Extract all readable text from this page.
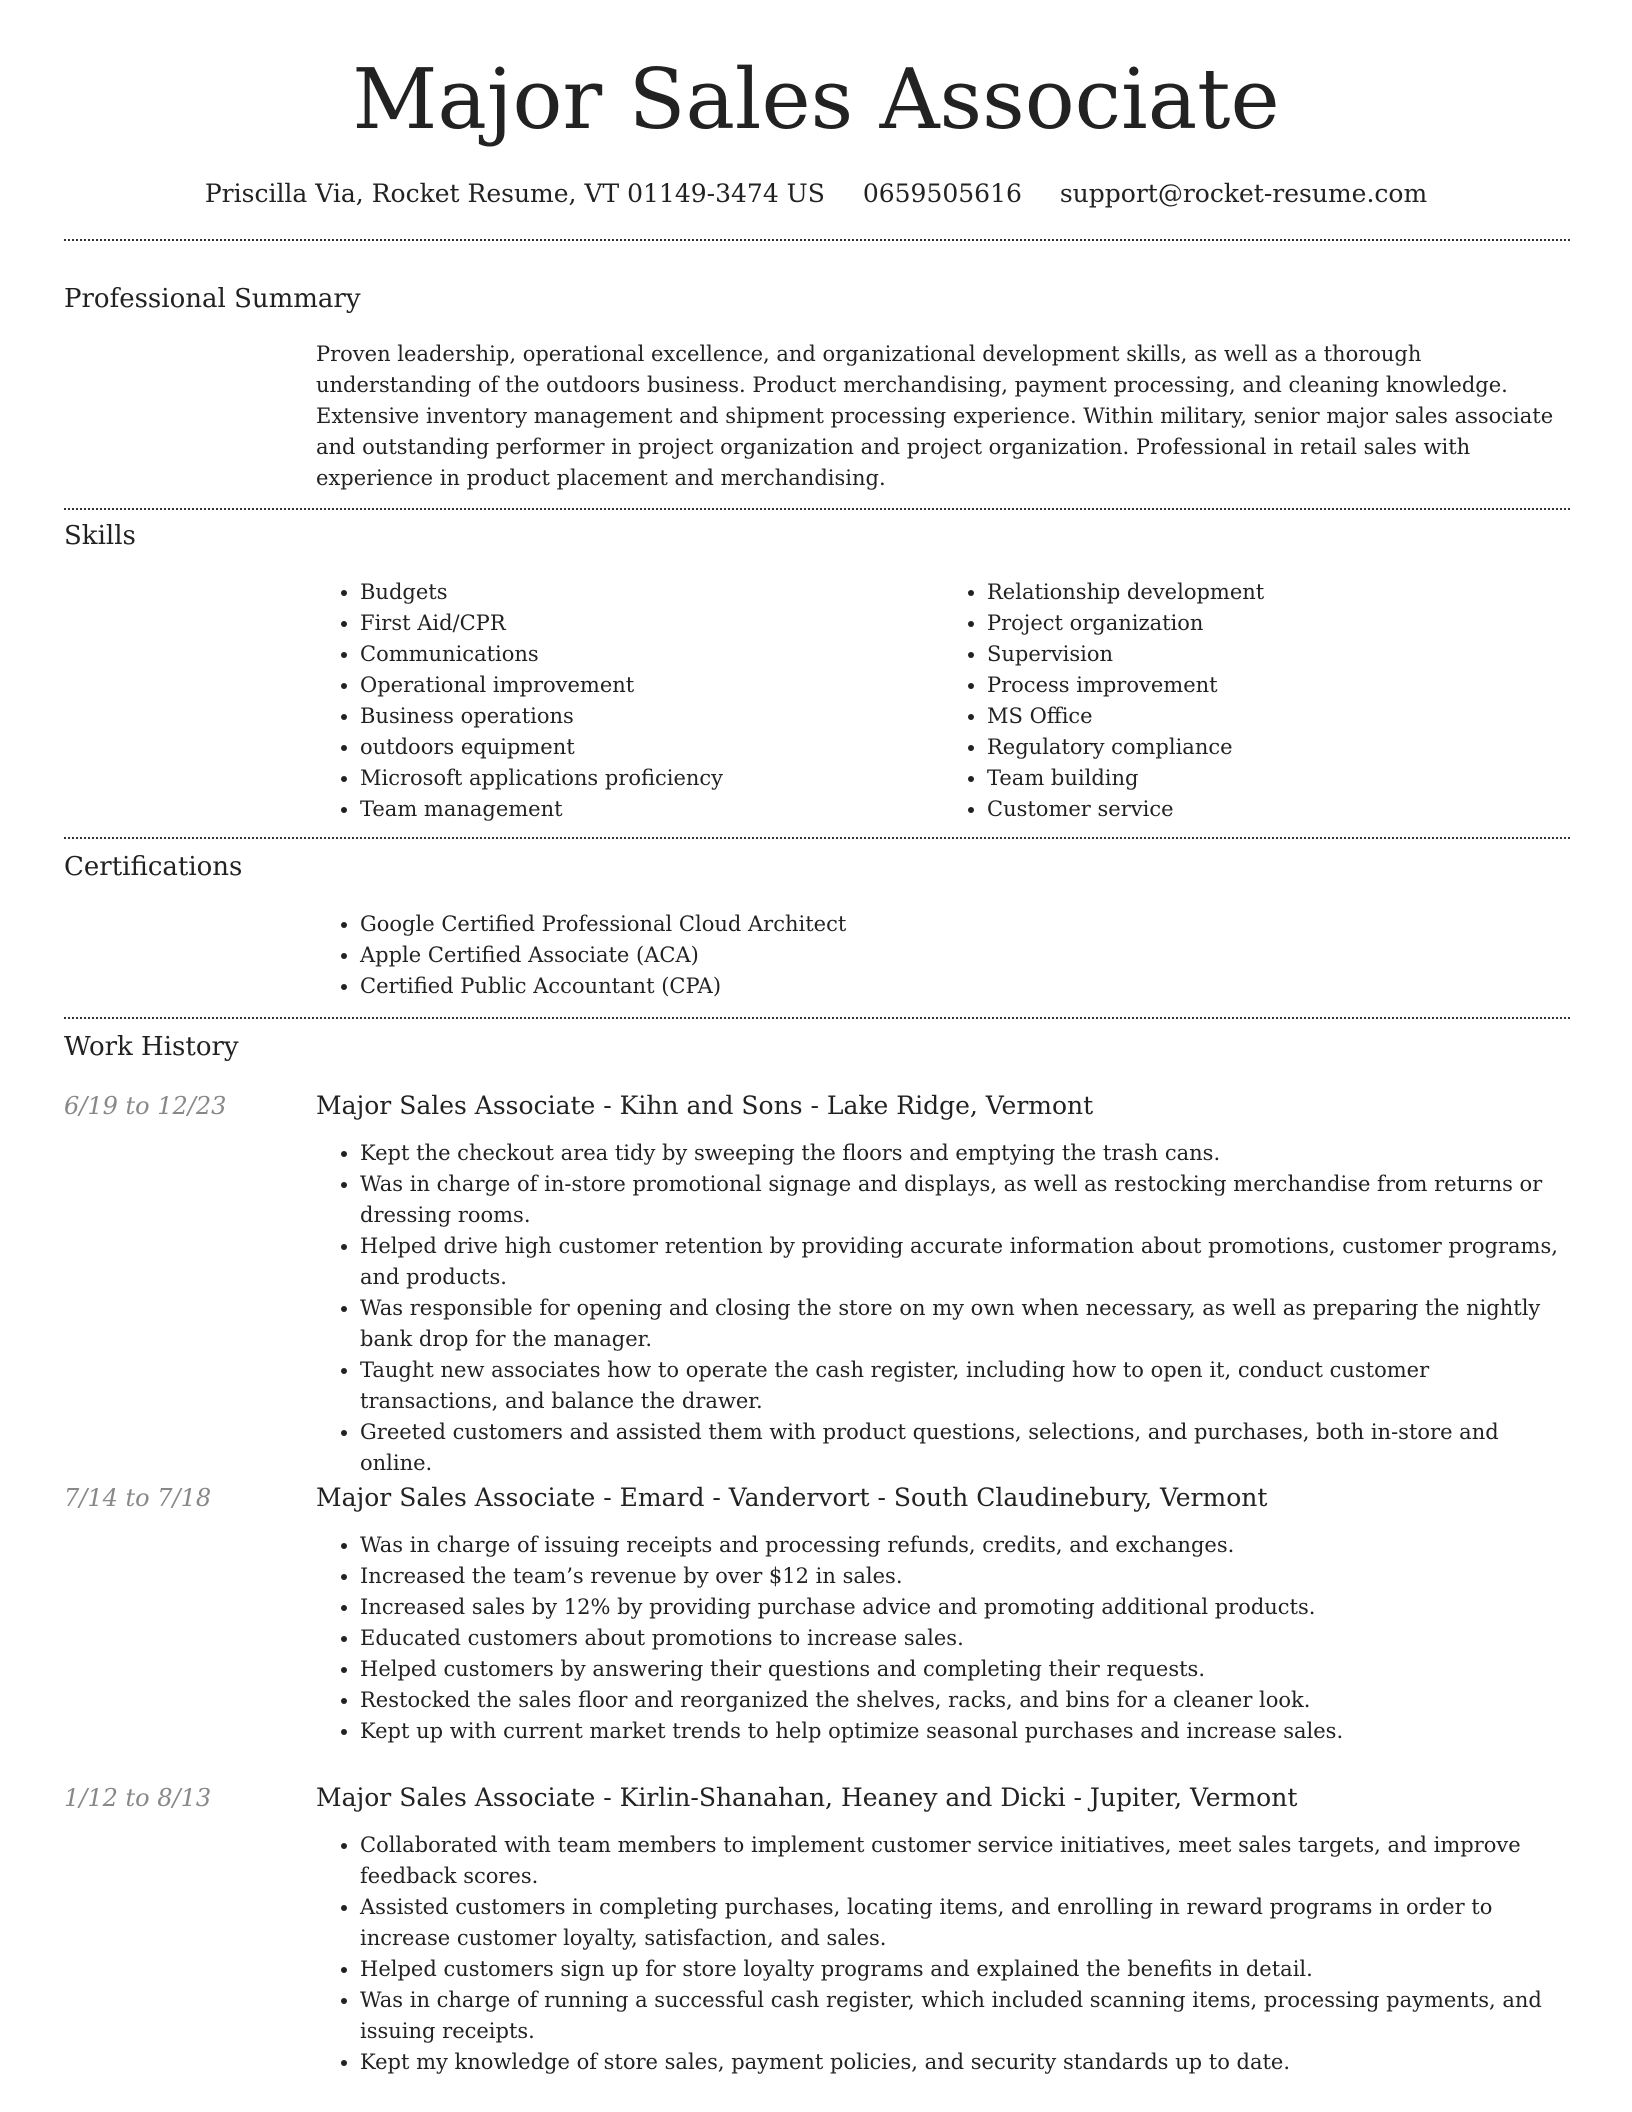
Major Sales Associate
Priscilla Via, Rocket Resume, VT 01149-3474 US 0659505616 support@rocket-resume.com
Professional Summary

Proven leadership, operational excellence, and organizational development skills, as well as a thorough understanding of the outdoors business. Product merchandising, payment processing, and cleaning knowledge. Extensive inventory management and shipment processing experience. Within military, senior major sales associate and outstanding performer in project organization and project organization. Professional in retail sales with experience in product placement and merchandising.

Skills
• Budgets
• First Aid/CPR
• Communications
• Operational improvement
• Business operations
• outdoors equipment
• Microsoft applications proficiency
• Team management
• Relationship development
• Project organization
• Supervision
• Process improvement
• MS Office
• Regulatory compliance
• Team building
• Customer service
Certifications
• Google Certified Professional Cloud Architect
• Apple Certified Associate (ACA)
• Certified Public Accountant (CPA)
Work History
6/19 to 12/23	Major Sales Associate - Kihn and Sons - Lake Ridge, Vermont
• Kept the checkout area tidy by sweeping the floors and emptying the trash cans.
• Was in charge of in-store promotional signage and displays, as well as restocking merchandise from returns or dressing rooms.
• Helped drive high customer retention by providing accurate information about promotions, customer programs, and products.
• Was responsible for opening and closing the store on my own when necessary, as well as preparing the nightly bank drop for the manager.
• Taught new associates how to operate the cash register, including how to open it, conduct customer transactions, and balance the drawer.
• Greeted customers and assisted them with product questions, selections, and purchases, both in-store and online.
7/14 to 7/18	Major Sales Associate - Emard - Vandervort - South Claudinebury, Vermont
• Was in charge of issuing receipts and processing refunds, credits, and exchanges.
• Increased the team’s revenue by over $12 in sales.
• Increased sales by 12% by providing purchase advice and promoting additional products.
• Educated customers about promotions to increase sales.
• Helped customers by answering their questions and completing their requests.
• Restocked the sales floor and reorganized the shelves, racks, and bins for a cleaner look.
• Kept up with current market trends to help optimize seasonal purchases and increase sales.
1/12 to 8/13	Major Sales Associate - Kirlin-Shanahan, Heaney and Dicki - Jupiter, Vermont
• Collaborated with team members to implement customer service initiatives, meet sales targets, and improve feedback scores.
• Assisted customers in completing purchases, locating items, and enrolling in reward programs in order to increase customer loyalty, satisfaction, and sales.
• Helped customers sign up for store loyalty programs and explained the benefits in detail.
• Was in charge of running a successful cash register, which included scanning items, processing payments, and issuing receipts.
• Kept my knowledge of store sales, payment policies, and security standards up to date.
